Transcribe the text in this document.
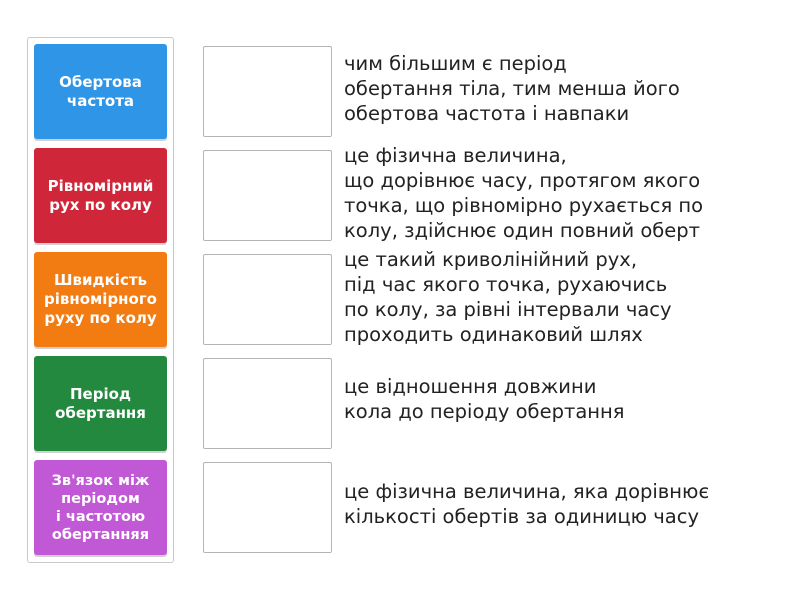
Обертова
частота
Рівномірний
рух по колу
Швидкість
рівномірного
руху по колу
Період
обертання
Зв'язок між
періодом
і частотою
обертанняя
чим більшим є період
обертання тіла, тим менша його
обертова частота і навпаки
це фізична величина,
що дорівнює часу, протягом якого
точка, що рівномірно рухається по
колу, здійснює один повний оберт
це такий криволінійний рух,
під час якого точка, рухаючись
по колу, за рівні інтервали часу
проходить одинаковий шлях
це відношення довжини
кола до періоду обертання
це фізична величина, яка дорівнює
кількості обертів за одиницю часу
